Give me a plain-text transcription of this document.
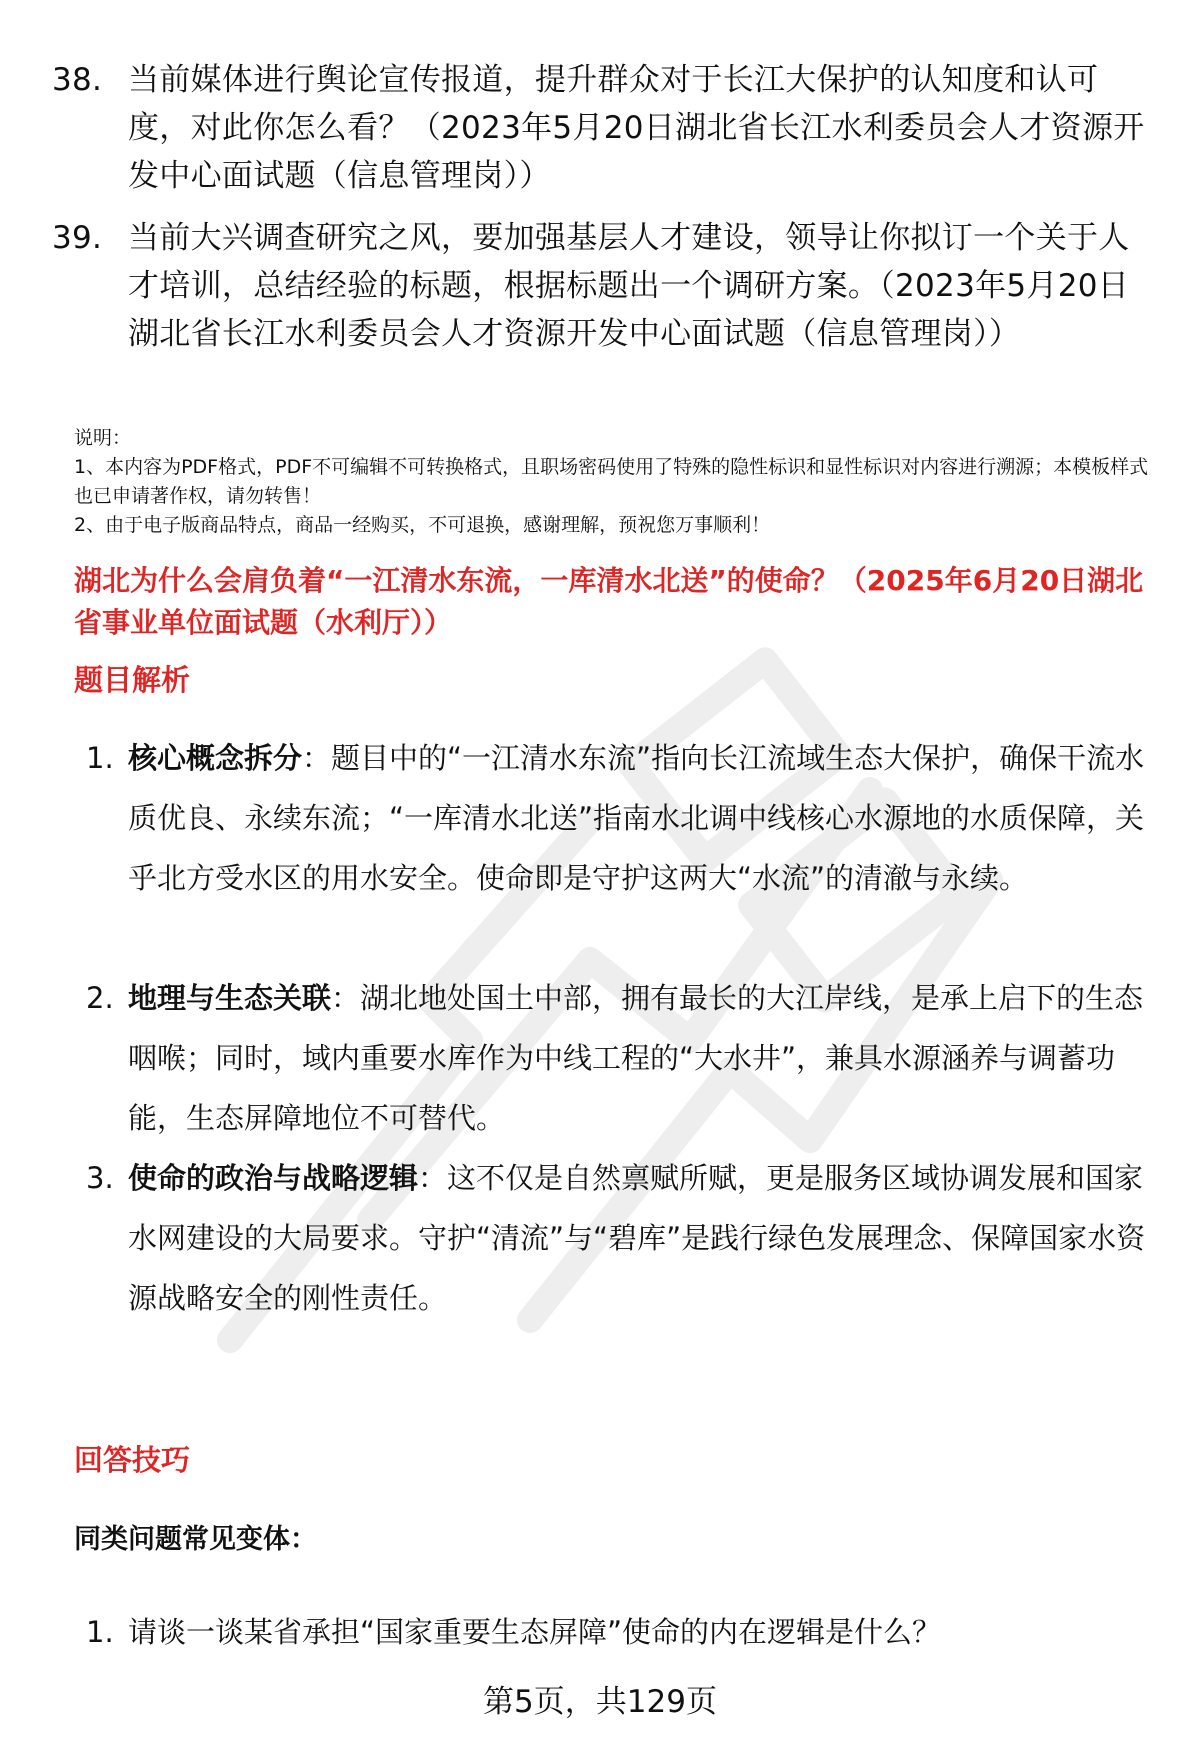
38. 当前媒体进行舆论宣传报道，提升群众对于长江大保护的认知度和认可度，对此你怎么看？（2023年5月20日湖北省长江水利委员会人才资源开发中心面试题（信息管理岗））
39. 当前大兴调查研究之风，要加强基层人才建设，领导让你拟订一个关于人才培训，总结经验的标题，根据标题出一个调研方案。（2023年5月20日湖北省长江水利委员会人才资源开发中心面试题（信息管理岗））
说明：
1、本内容为PDF格式，PDF不可编辑不可转换格式，且职场密码使用了特殊的隐性标识和显性标识对内容进行溯源；本模板样式也已申请著作权，请勿转售！
2、由于电子版商品特点，商品一经购买，不可退换，感谢理解，预祝您万事顺利！
湖北为什么会肩负着“一江清水东流，一库清水北送”的使命？（2025年6月20日湖北省事业单位面试题（水利厅））
题目解析
1. 核心概念拆分：题目中的“一江清水东流”指向长江流域生态大保护，确保干流水质优良、永续东流；“一库清水北送”指南水北调中线核心水源地的水质保障，关乎北方受水区的用水安全。使命即是守护这两大“水流”的清澈与永续。
2. 地理与生态关联：湖北地处国土中部，拥有最长的大江岸线，是承上启下的生态咽喉；同时，域内重要水库作为中线工程的“大水井”，兼具水源涵养与调蓄功能，生态屏障地位不可替代。
3. 使命的政治与战略逻辑：这不仅是自然禀赋所赋，更是服务区域协调发展和国家水网建设的大局要求。守护“清流”与“碧库”是践行绿色发展理念、保障国家水资源战略安全的刚性责任。
回答技巧
同类问题常见变体：
1. 请谈一谈某省承担“国家重要生态屏障”使命的内在逻辑是什么？
第5页，共129页
